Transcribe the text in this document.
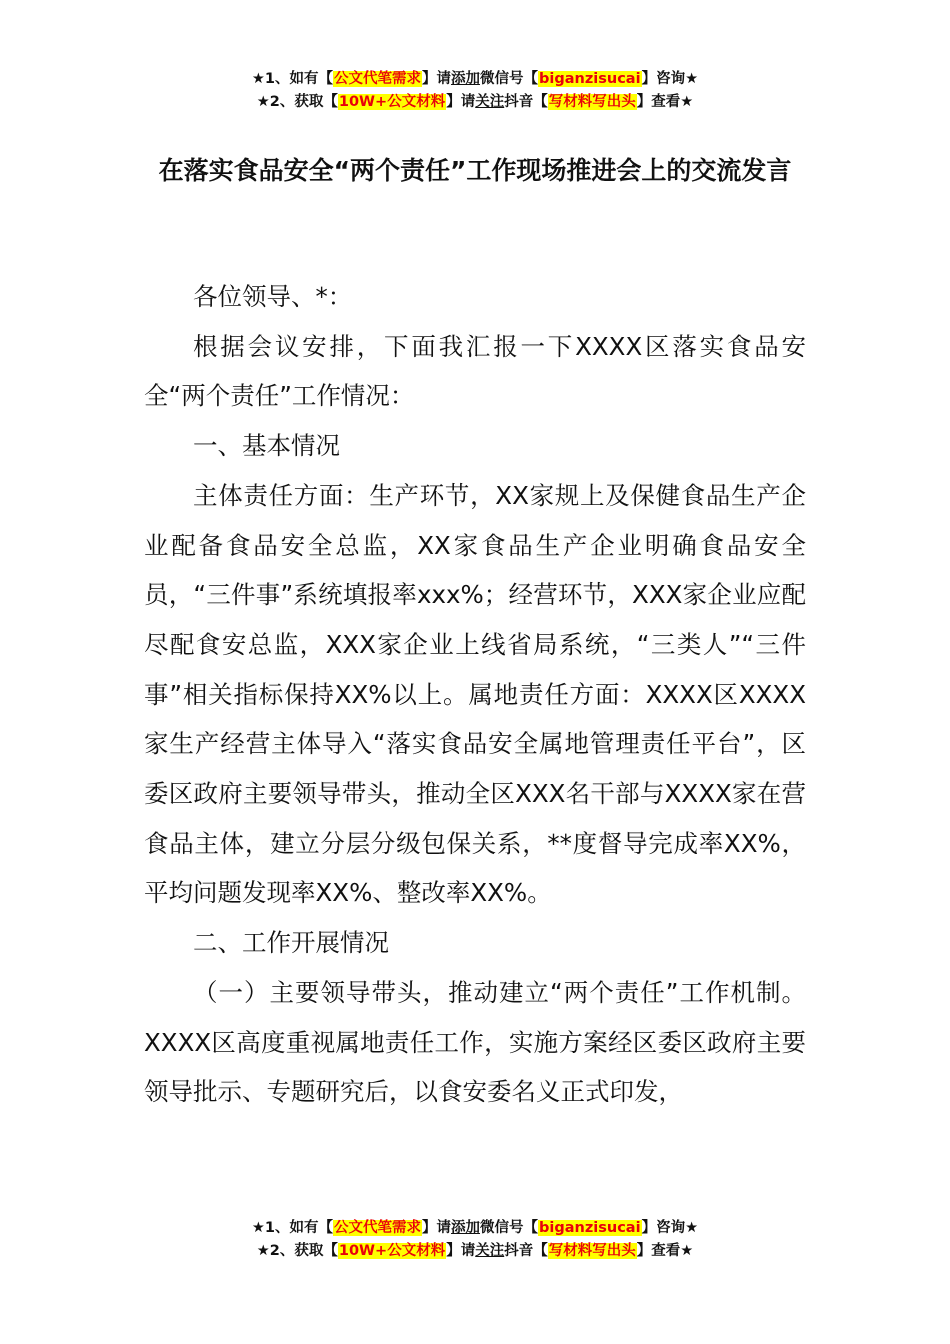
★1、如有【公文代笔需求】请添加微信号【biganzisucai】咨询★
★2、获取【10W+公文材料】请关注抖音【写材料写出头】查看★
在落实食品安全“两个责任”工作现场推进会上的交流发言

各位领导、*：

根据会议安排，下面我汇报一下XXXX区落实食品安全“两个责任”工作情况：

一、基本情况

主体责任方面：生产环节，XX家规上及保健食品生产企业配备食品安全总监，XX家食品生产企业明确食品安全员，“三件事”系统填报率xxx%；经营环节，XXX家企业应配尽配食安总监，XXX家企业上线省局系统，“三类人”“三件事”相关指标保持XX%以上。属地责任方面：XXXX区XXXX家生产经营主体导入“落实食品安全属地管理责任平台”，区委区政府主要领导带头，推动全区XXX名干部与XXXX家在营食品主体，建立分层分级包保关系，**度督导完成率XX%，平均问题发现率XX%、整改率XX%。

二、工作开展情况

（一）主要领导带头，推动建立“两个责任”工作机制。XXXX区高度重视属地责任工作，实施方案经区委区政府主要领导批示、专题研究后，以食安委名义正式印发，

★1、如有【公文代笔需求】请添加微信号【biganzisucai】咨询★
★2、获取【10W+公文材料】请关注抖音【写材料写出头】查看★
